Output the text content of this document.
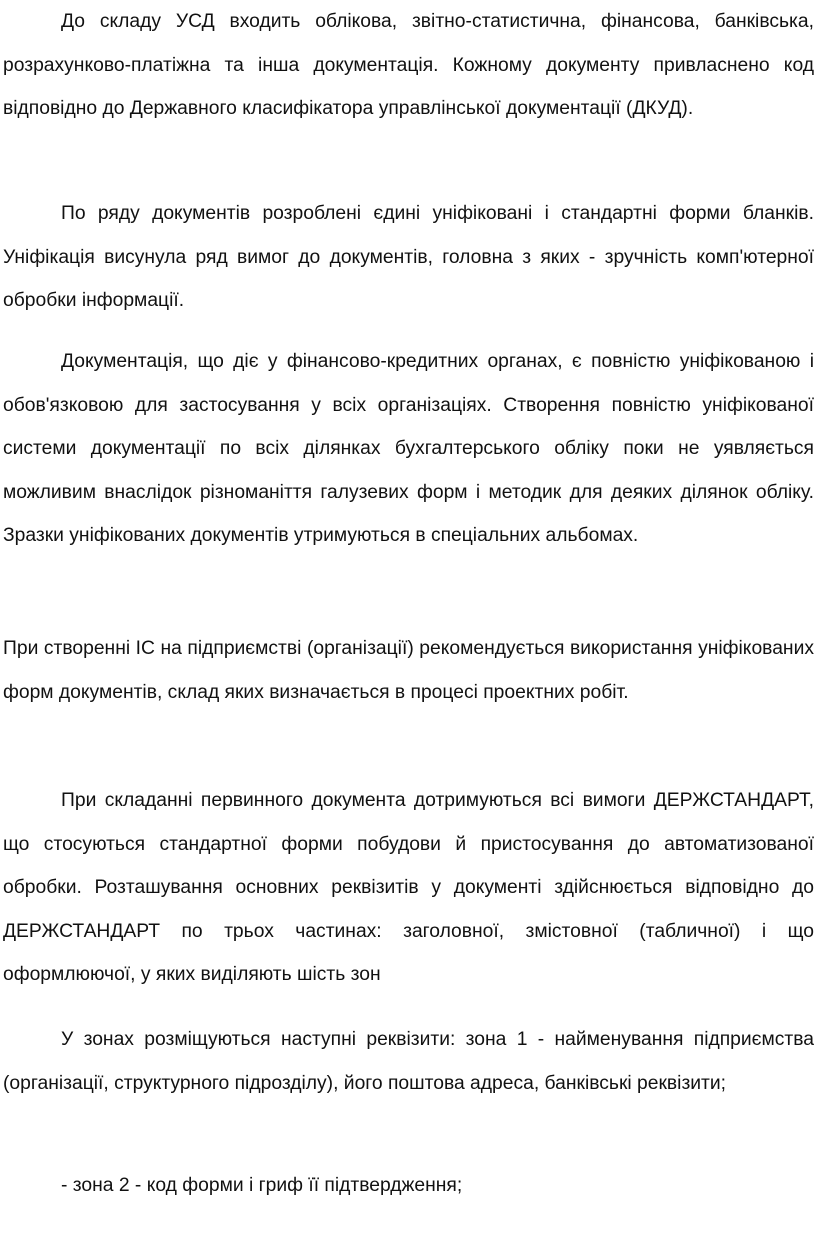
До складу УСД входить облікова, звітно-статистична, фінансова, банківська, розрахунково-платіжна та інша документація. Кожному документу привласнено код відповідно до Державного класифікатора управлінської документації (ДКУД).

По ряду документів розроблені єдині уніфіковані і стандартні форми бланків. Уніфікація висунула ряд вимог до документів, головна з яких - зручність комп'ютерної обробки інформації.

Документація, що діє у фінансово-кредитних органах, є повністю уніфікованою і обов'язковою для застосування у всіх організаціях. Створення повністю уніфікованої системи документації по всіх ділянках бухгалтерського обліку поки не уявляється можливим внаслідок різноманіття галузевих форм і методик для деяких ділянок обліку. Зразки уніфікованих документів утримуються в спеціальних альбомах.

При створенні ІС на підприємстві (організації) рекомендується використання уніфікованих форм документів, склад яких визначається в процесі проектних робіт.

При складанні первинного документа дотримуються всі вимоги ДЕРЖСТАНДАРТ, що стосуються стандартної форми побудови й пристосування до автоматизованої обробки. Розташування основних реквізитів у документі здійснюється відповідно до ДЕРЖСТАНДАРТ по трьох частинах: заголовної, змістовної (табличної) і що оформлюючої, у яких виділяють шість зон

У зонах розміщуються наступні реквізити: зона 1 - найменування підприємства (організації, структурного підрозділу), його поштова адреса, банківські реквізити;

- зона 2 - код форми і гриф її підтвердження;
